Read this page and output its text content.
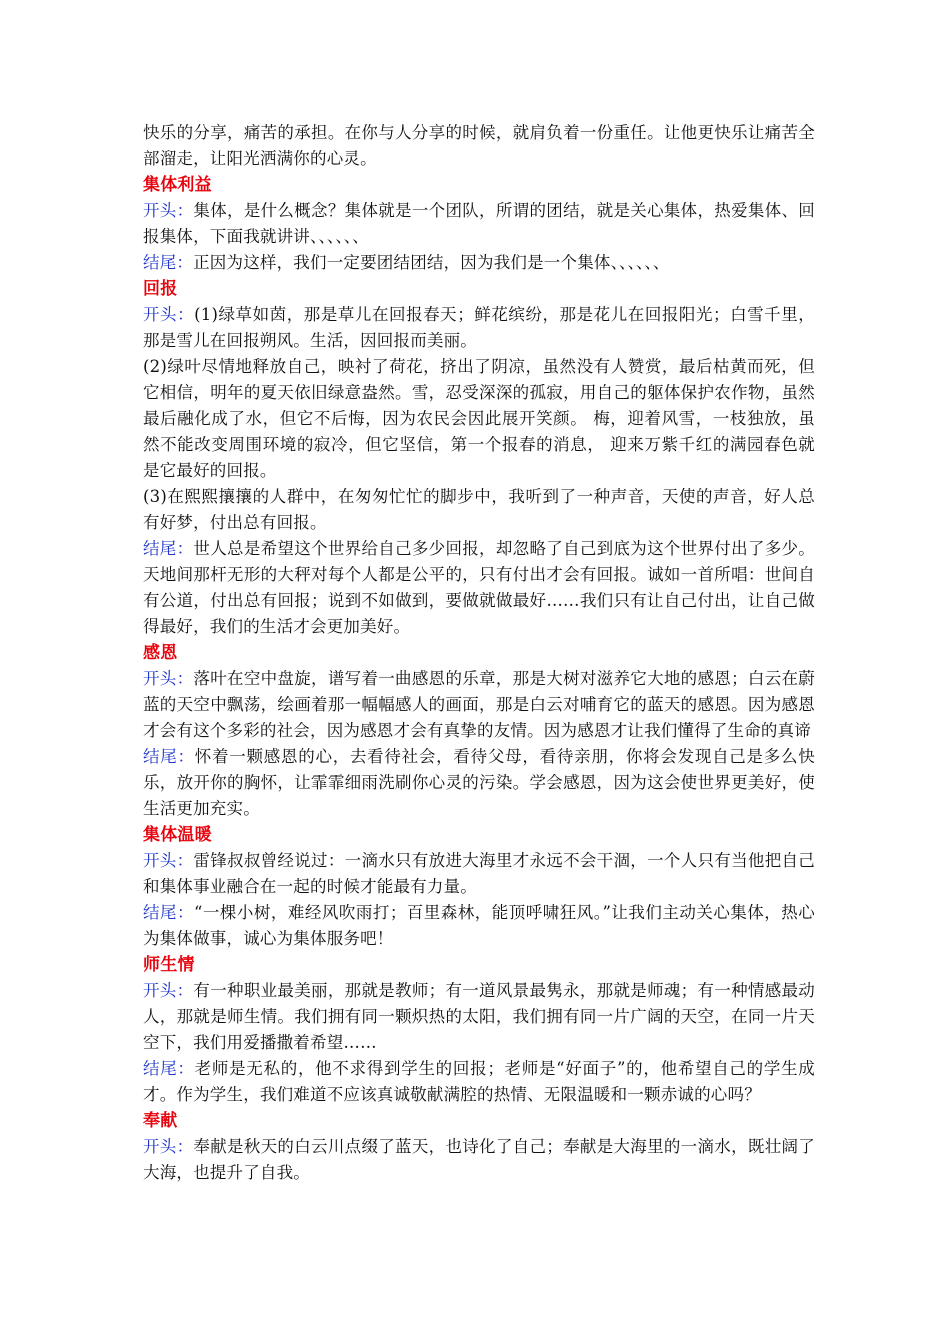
快乐的分享，痛苦的承担。在你与人分享的时候，就肩负着一份重任。让他更快乐让痛苦全部溜走，让阳光洒满你的心灵。
集体利益
开头：集体，是什么概念？集体就是一个团队，所谓的团结，就是关心集体，热爱集体、回报集体，下面我就讲讲、、、、、、
结尾：正因为这样，我们一定要团结团结，因为我们是一个集体、、、、、、
回报
开头：(1)绿草如茵，那是草儿在回报春天；鲜花缤纷，那是花儿在回报阳光；白雪千里，那是雪儿在回报朔风。生活，因回报而美丽。
(2)绿叶尽情地释放自己，映衬了荷花，挤出了阴凉，虽然没有人赞赏，最后枯黄而死，但它相信，明年的夏天依旧绿意盎然。雪，忍受深深的孤寂，用自己的躯体保护农作物，虽然最后融化成了水，但它不后悔，因为农民会因此展开笑颜。 梅，迎着风雪，一枝独放，虽然不能改变周围环境的寂冷，但它坚信，第一个报春的消息， 迎来万紫千红的满园春色就是它最好的回报。
(3)在熙熙攘攘的人群中，在匆匆忙忙的脚步中，我听到了一种声音，天使的声音，好人总有好梦，付出总有回报。
结尾：世人总是希望这个世界给自己多少回报，却忽略了自己到底为这个世界付出了多少。天地间那杆无形的大秤对每个人都是公平的，只有付出才会有回报。诚如一首所唱：世间自有公道，付出总有回报；说到不如做到，要做就做最好……我们只有让自己付出，让自己做得最好，我们的生活才会更加美好。
感恩
开头：落叶在空中盘旋，谱写着一曲感恩的乐章，那是大树对滋养它大地的感恩；白云在蔚蓝的天空中飘荡，绘画着那一幅幅感人的画面，那是白云对哺育它的蓝天的感恩。因为感恩才会有这个多彩的社会，因为感恩才会有真挚的友情。因为感恩才让我们懂得了生命的真谛
结尾：怀着一颗感恩的心，去看待社会，看待父母，看待亲朋，你将会发现自己是多么快乐，放开你的胸怀，让霏霏细雨洗刷你心灵的污染。学会感恩，因为这会使世界更美好，使生活更加充实。
集体温暖
开头：雷锋叔叔曾经说过：一滴水只有放进大海里才永远不会干涸，一个人只有当他把自己和集体事业融合在一起的时候才能最有力量。
结尾：“一棵小树，难经风吹雨打；百里森林，能顶呼啸狂风。”让我们主动关心集体，热心为集体做事，诚心为集体服务吧！
师生情
开头：有一种职业最美丽，那就是教师；有一道风景最隽永，那就是师魂；有一种情感最动人，那就是师生情。我们拥有同一颗炽热的太阳，我们拥有同一片广阔的天空，在同一片天空下，我们用爱播撒着希望……
结尾：老师是无私的，他不求得到学生的回报；老师是“好面子”的，他希望自己的学生成才。作为学生，我们难道不应该真诚敬献满腔的热情、无限温暖和一颗赤诚的心吗？
奉献
开头：奉献是秋天的白云川点缀了蓝天，也诗化了自己；奉献是大海里的一滴水，既壮阔了大海，也提升了自我。
